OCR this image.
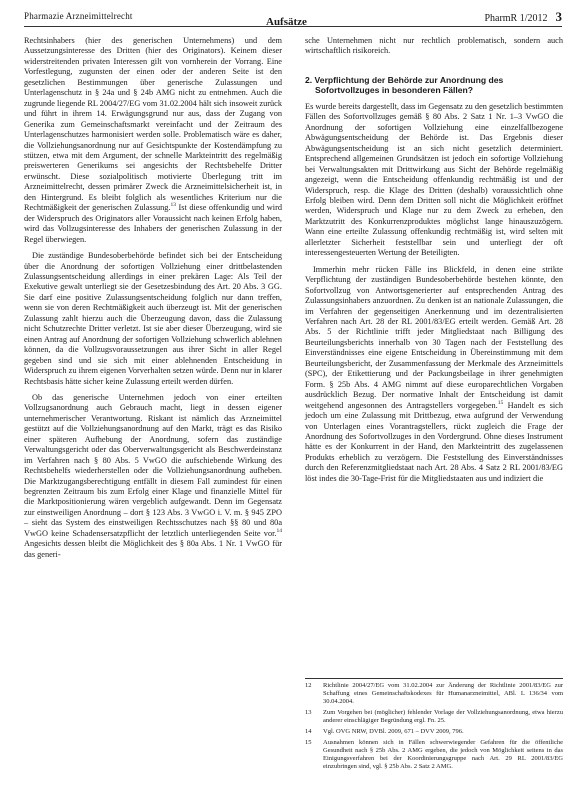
Pharmazie Arzneimittelrecht	Aufsätze	PharmR 1/2012 3

Rechtsinhabers (hier des generischen Unternehmens) und dem Aussetzungsinteresse des Dritten (hier des Originators). Keinem dieser widerstreitenden privaten Interessen gilt von vornherein der Vorrang. Eine Vorfestlegung, zugunsten der einen oder der anderen Seite ist den gesetzlichen Bestimmungen über generische Zulassungen und Unterlagenschutz in § 24a und § 24b AMG nicht zu entnehmen. Auch die zugrunde liegende RL 2004/27/EG vom 31.02.2004 hält sich insoweit zurück und führt in ihrem 14. Erwägungsgrund nur aus, dass der Zugang von Generika zum Gemeinschaftsmarkt vereinfacht und der Zeitraum des Unterlagenschutzes harmonisiert werden solle. Problematisch wäre es daher, die Vollziehungsanordnung nur auf Gesichtspunkte der Kostendämpfung zu stützen, etwa mit dem Argument, der schnelle Markteintritt des regelmäßig preiswerteren Generikums sei angesichts der Rechtsbehelfe Dritter erwünscht. Diese sozialpolitisch motivierte Überlegung tritt im Arzneimittelrecht, dessen primärer Zweck die Arzneimittelsicherheit ist, in den Hintergrund. Es bleibt folglich als wesentliches Kriterium nur die Rechtmäßigkeit der generischen Zulassung.$^{13}$ Ist diese offenkundig und wird der Widerspruch des Originators aller Voraussicht nach keinen Erfolg haben, wird das Vollzugsinteresse des Inhabers der generischen Zulassung in der Regel überwiegen.

Die zuständige Bundesoberbehörde befindet sich bei der Entscheidung über die Anordnung der sofortigen Vollziehung einer drittbelastenden Zulassungsentscheidung allerdings in einer prekären Lage: Als Teil der Exekutive gewalt unterliegt sie der Gesetzesbindung des Art. 20 Abs. 3 GG. Sie darf eine positive Zulassungsentscheidung folglich nur dann treffen, wenn sie von deren Rechtmäßigkeit auch überzeugt ist. Mit der generischen Zulassung zahlt hierzu auch die Überzeugung davon, dass die Zulassung nicht Schutzrechte Dritter verletzt. Ist sie aber dieser Überzeugung, wird sie einen Antrag auf Anordnung der sofortigen Vollziehung schwerlich ablehnen können, da die Vollzugsvoraussetzungen aus ihrer Sicht in aller Regel gegeben sind und sie sich mit einer ablehnenden Entscheidung in Widerspruch zu ihrem eigenen Vorverhalten setzen würde. Denn nur in klarer Rechtsbasis hätte sicher keine Zulassung erteilt werden dürfen.

Ob das generische Unternehmen jedoch von einer erteilten Vollzugsanordnung auch Gebrauch macht, liegt in dessen eigener unternehmerischer Verantwortung. Riskant ist nämlich das Arzneimittel gestützt auf die Vollziehungsanordnung auf den Markt, trägt es das Risiko einer späteren Aufhebung der Anordnung, sofern das zuständige Verwaltungsgericht oder das Oberverwaltungsgericht als Beschwerdeinstanz im Verfahren nach § 80 Abs. 5 VwGO die aufschiebende Wirkung des Rechtsbehelfs wiederherstellen oder die Vollziehungsanordnung aufheben. Die Marktzugangsberechtigung entfällt in diesem Fall zumindest für einen begrenzten Zeitraum bis zum Erfolg einer Klage und finanzielle Mittel für die Marktpositionierung wären vergeblich aufgewandt. Denn im Gegensatz zur einstweiligen Anordnung – dort § 123 Abs. 3 VwGO i. V. m. § 945 ZPO – sieht das System des einstweiligen Rechtsschutzes nach §§ 80 und 80a VwGO keine Schadensersatzpflicht der letztlich unterliegenden Seite vor.$^{14}$ Angesichts dessen bleibt die Möglichkeit des § 80a Abs. 1 Nr. 1 VwGO für das generi-

sche Unternehmen nicht nur rechtlich problematisch, sondern auch wirtschaftlich risikoreich.

2. Verpflichtung der Behörde zur Anordnung des Sofortvollzuges in besonderen Fällen?

Es wurde bereits dargestellt, dass im Gegensatz zu den gesetzlich bestimmten Fällen des Sofortvollzuges gemäß § 80 Abs. 2 Satz 1 Nr. 1–3 VwGO die Anordnung der sofortigen Vollziehung eine einzelfallbezogene Abwägungsentscheidung der Behörde ist. Das Ergebnis dieser Abwägungsentscheidung ist an sich nicht gesetzlich determiniert. Entsprechend allgemeinen Grundsätzen ist jedoch ein sofortige Vollziehung bei Verwaltungsakten mit Drittwirkung aus Sicht der Behörde regelmäßig angezeigt, wenn die Entscheidung offenkundig rechtmäßig ist und der Widerspruch, resp. die Klage des Dritten (deshalb) voraussichtlich ohne Erfolg bleiben wird. Denn dem Dritten soll nicht die Möglichkeit eröffnet werden, Widerspruch und Klage nur zu dem Zweck zu erheben, den Marktzutritt des Konkurrenzproduktes möglichst lange hinauszuzögern. Wann eine erteilte Zulassung offenkundig rechtmäßig ist, wird selten mit allerletzter Sicherheit feststellbar sein und unterliegt der oft interessengesteuerten Wertung der Beteiligten.

Immerhin mehr rücken Fälle ins Blickfeld, in denen eine strikte Verpflichtung der zuständigen Bundesoberbehörde bestehen könnte, den Sofortvollzug von Antwortsgenerierter auf entsprechenden Antrag des Zulassungsinhabers anzuordnen. Zu denken ist an nationale Zulassungen, die im Verfahren der gegenseitigen Anerkennung und im dezentralisierten Verfahren nach Art. 28 der RL 2001/83/EG erteilt werden. Gemäß Art. 28 Abs. 5 der Richtlinie trifft jeder Mitgliedstaat nach Billigung des Beurteilungsberichts innerhalb von 30 Tagen nach der Feststellung des Einverständnisses eine eigene Entscheidung in Übereinstimmung mit dem Beurteilungsbericht, der Zusammenfassung der Merkmale des Arzneimittels (SPC), der Etikettierung und der Packungsbeilage in ihrer genehmigten Form. § 25b Abs. 4 AMG nimmt auf diese europarechtlichen Vorgaben ausdrücklich Bezug. Der normative Inhalt der Entscheidung ist damit weitgehend angesonnen des Antragstellers vorgegeben.$^{15}$ Handelt es sich jedoch um eine Zulassung mit Drittbezug, etwa aufgrund der Verwendung von Unterlagen eines Vorantragstellers, rückt zugleich die Frage der Anordnung des Sofortvollzuges in den Vordergrund. Ohne dieses Instrument hätte es der Konkurrent in der Hand, den Markteintritt des zugelassenen Produkts erheblich zu verzögern. Die Feststellung des Einverständnisses durch den Referenzmitgliedstaat nach Art. 28 Abs. 4 Satz 2 RL 2001/83/EG löst indes die 30-Tage-Frist für die Mitgliedstaaten aus und indiziert die

12	Richtlinie 2004/27/EG vom 31.02.2004 zur Änderung der Richtlinie 2001/83/EG zur Schaffung eines Gemeinschaftskodexes für Humanarzneimittel, ABl. L 136/34 vom 30.04.2004.
13	Zum Vorgehen bei (möglicher) fehlender Vorlage der Vollziehungsanordnung, etwa hierzu anderer einschlägiger Begründung ergl. Fn. 25.
14	Vgl. OVG NRW, DVBl. 2009, 671 – DVV 2009, 796.
15	Ausnahmen können sich in Fällen schwerwiegender Gefahren für die öffentliche Gesundheit nach § 25b Abs. 2 AMG ergeben, die jedoch von Möglichkeit seitens in das Einigungsverfahren bei der Koordinierungsgruppe nach Art. 29 RL 2001/83/EG einzubringen sind, vgl. § 25b Abs. 2 Satz 2 AMG.
